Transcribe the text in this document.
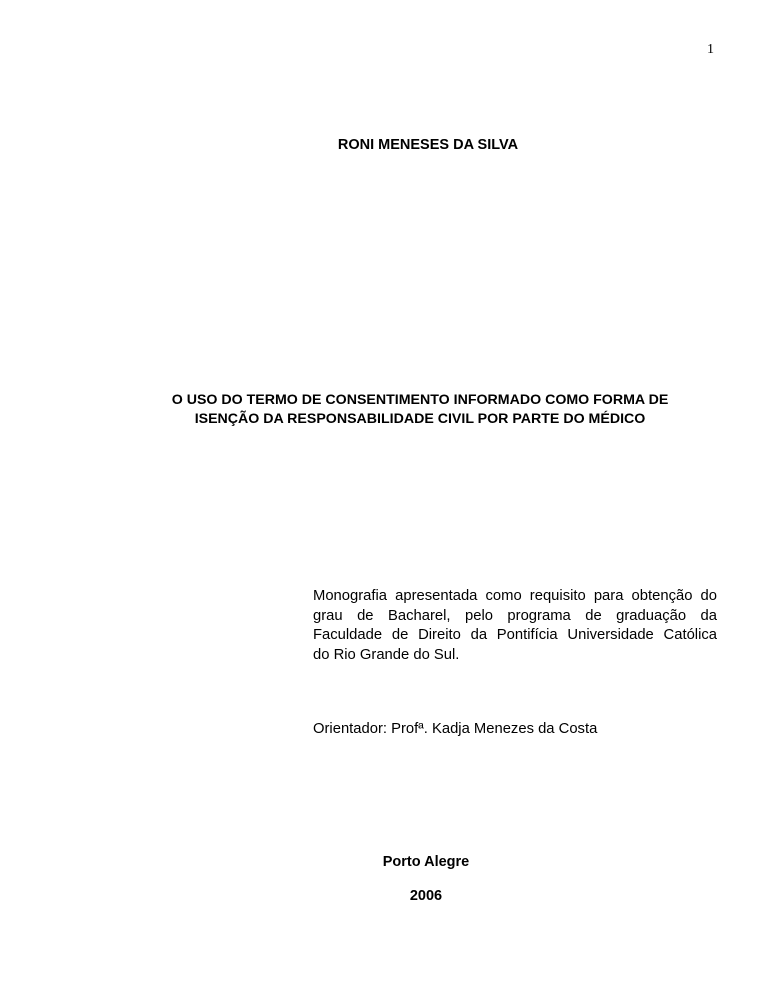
1
RONI MENESES DA SILVA
O USO DO TERMO DE CONSENTIMENTO INFORMADO COMO FORMA DE
ISENÇÃO DA RESPONSABILIDADE CIVIL POR PARTE DO MÉDICO
Monografia apresentada como requisito para obtenção do
grau de Bacharel, pelo programa de graduação da
Faculdade de Direito da Pontifícia Universidade Católica
do Rio Grande do Sul.
Orientador: Profª. Kadja Menezes da Costa
Porto Alegre
2006
